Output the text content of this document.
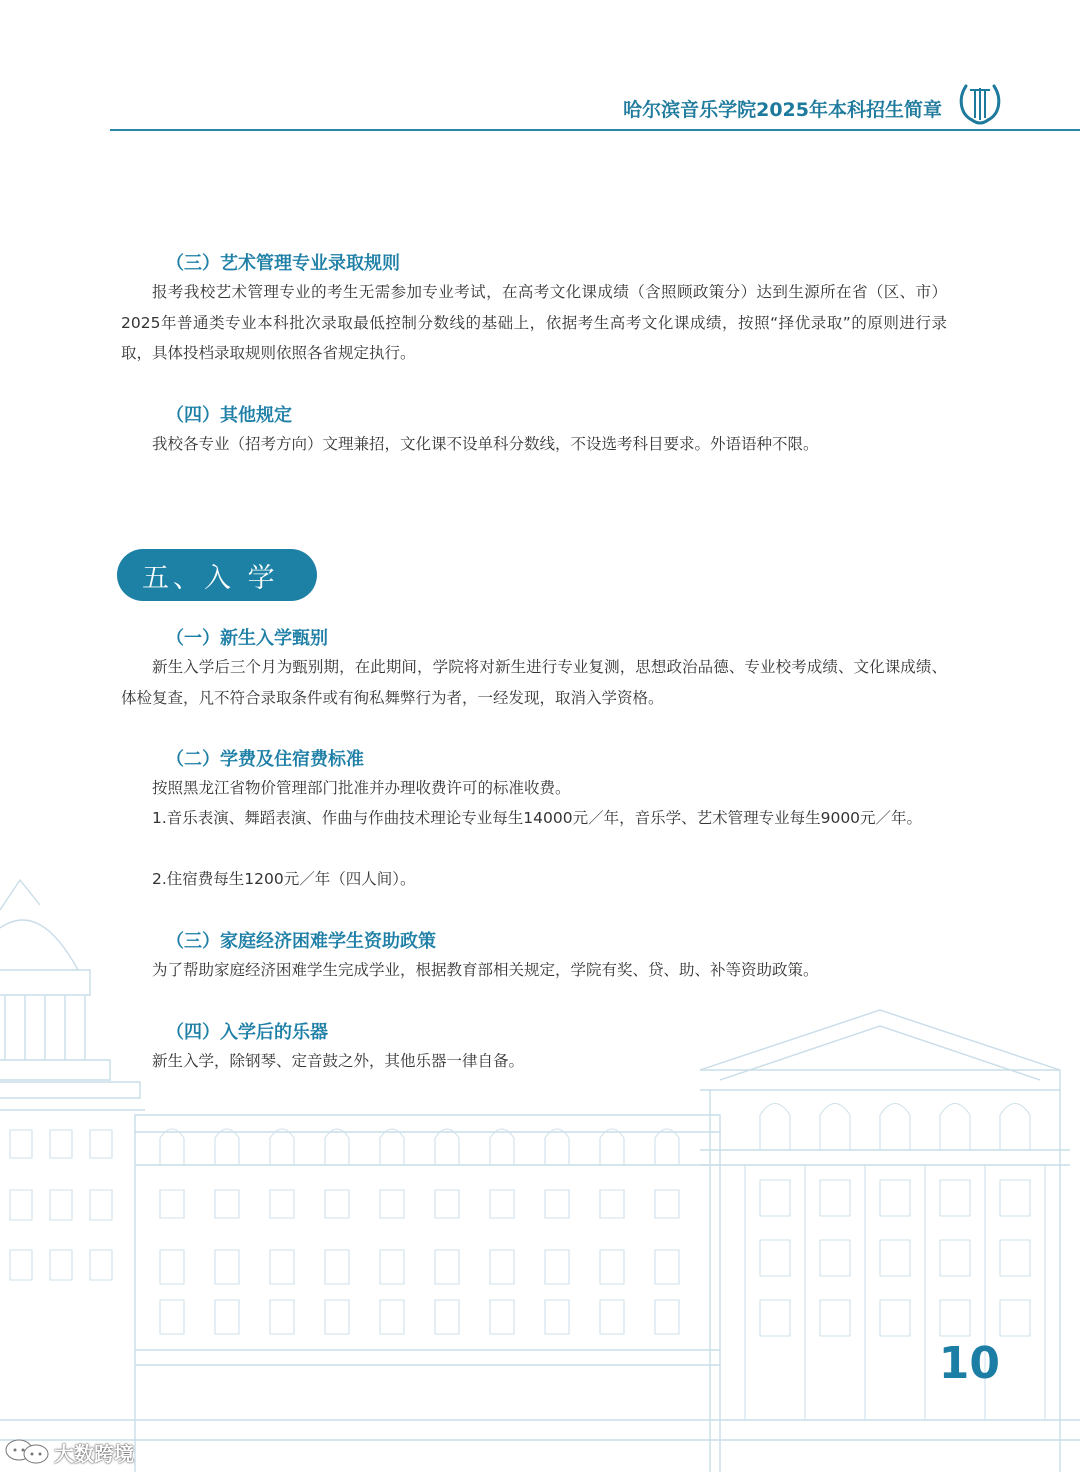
哈尔滨音乐学院2025年本科招生简章
（三）艺术管理专业录取规则

报考我校艺术管理专业的考生无需参加专业考试，在高考文化课成绩（含照顾政策分）达到生源所在省（区、市）2025年普通类专业本科批次录取最低控制分数线的基础上，依据考生高考文化课成绩，按照“择优录取”的原则进行录取，具体投档录取规则依照各省规定执行。

（四）其他规定

我校各专业（招考方向）文理兼招，文化课不设单科分数线，不设选考科目要求。外语语种不限。

五、入 学
（一）新生入学甄别

新生入学后三个月为甄别期，在此期间，学院将对新生进行专业复测，思想政治品德、专业校考成绩、文化课成绩、体检复查，凡不符合录取条件或有徇私舞弊行为者，一经发现，取消入学资格。

（二）学费及住宿费标准

按照黑龙江省物价管理部门批准并办理收费许可的标准收费。

1.音乐表演、舞蹈表演、作曲与作曲技术理论专业每生14000元／年，音乐学、艺术管理专业每生9000元／年。

2.住宿费每生1200元／年（四人间）。

（三）家庭经济困难学生资助政策

为了帮助家庭经济困难学生完成学业，根据教育部相关规定，学院有奖、贷、助、补等资助政策。

（四）入学后的乐器

新生入学，除钢琴、定音鼓之外，其他乐器一律自备。

10
大数跨境
